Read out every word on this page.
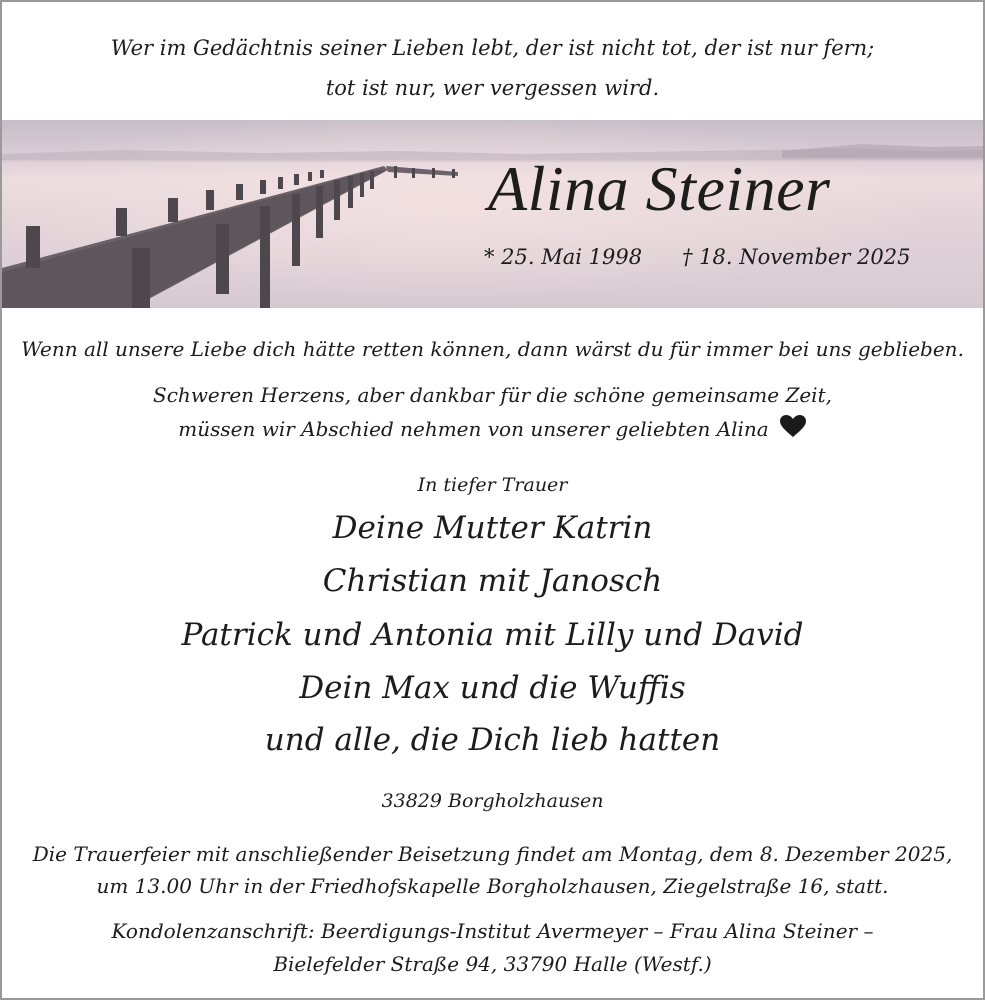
Wer im Gedächtnis seiner Lieben lebt, der ist nicht tot, der ist nur fern;
tot ist nur, wer vergessen wird.
Alina Steiner
* 25. Mai 1998 † 18. November 2025
Wenn all unsere Liebe dich hätte retten können, dann wärst du für immer bei uns geblieben.
Schweren Herzens, aber dankbar für die schöne gemeinsame Zeit,
müssen wir Abschied nehmen von unserer geliebten Alina
In tiefer Trauer
Deine Mutter Katrin
Christian mit Janosch
Patrick und Antonia mit Lilly und David
Dein Max und die Wuffis
und alle, die Dich lieb hatten
33829 Borgholzhausen
Die Trauerfeier mit anschließender Beisetzung findet am Montag, dem 8. Dezember 2025,
um 13.00 Uhr in der Friedhofskapelle Borgholzhausen, Ziegelstraße 16, statt.
Kondolenzanschrift: Beerdigungs-Institut Avermeyer – Frau Alina Steiner –
Bielefelder Straße 94, 33790 Halle (Westf.)
